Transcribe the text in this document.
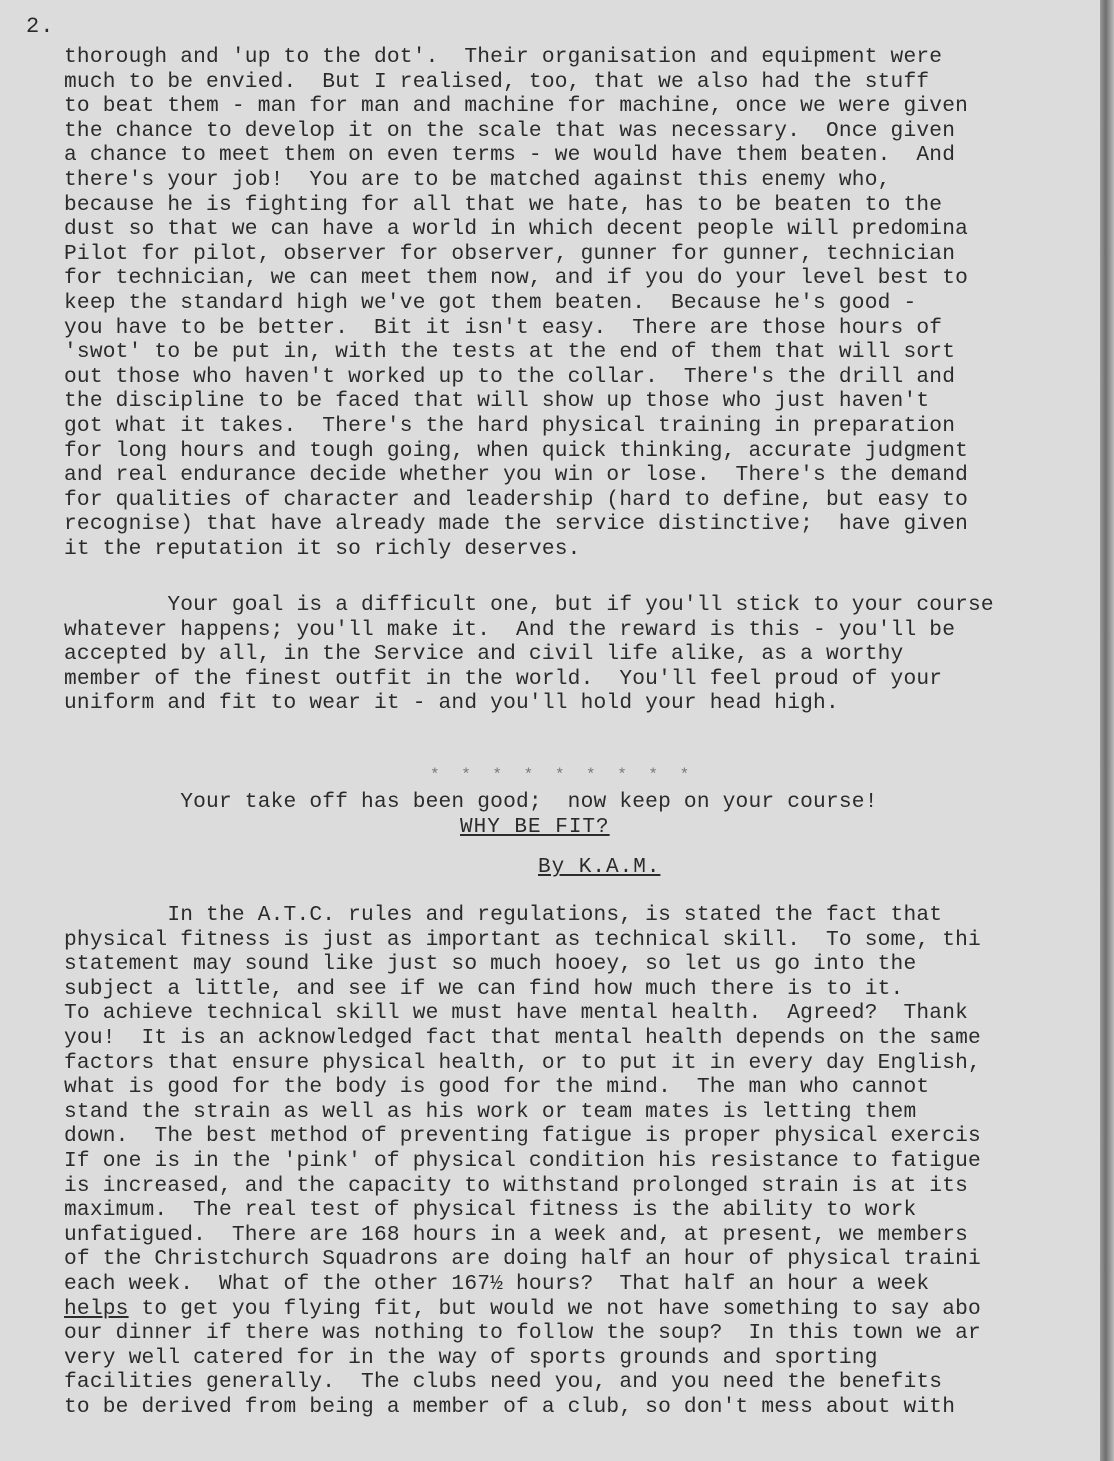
2.
thorough and 'up to the dot'.  Their organisation and equipment were
much to be envied.  But I realised, too, that we also had the stuff
to beat them - man for man and machine for machine, once we were given
the chance to develop it on the scale that was necessary.  Once given
a chance to meet them on even terms - we would have them beaten.  And
there's your job!  You are to be matched against this enemy who,
because he is fighting for all that we hate, has to be beaten to the
dust so that we can have a world in which decent people will predomina
Pilot for pilot, observer for observer, gunner for gunner, technician
for technician, we can meet them now, and if you do your level best to
keep the standard high we've got them beaten.  Because he's good -
you have to be better.  Bit it isn't easy.  There are those hours of
'swot' to be put in, with the tests at the end of them that will sort
out those who haven't worked up to the collar.  There's the drill and
the discipline to be faced that will show up those who just haven't
got what it takes.  There's the hard physical training in preparation
for long hours and tough going, when quick thinking, accurate judgment
and real endurance decide whether you win or lose.  There's the demand
for qualities of character and leadership (hard to define, but easy to
recognise) that have already made the service distinctive;  have given
it the reputation it so richly deserves.
Your goal is a difficult one, but if you'll stick to your course
whatever happens; you'll make it.  And the reward is this - you'll be
accepted by all, in the Service and civil life alike, as a worthy
member of the finest outfit in the world.  You'll feel proud of your
uniform and fit to wear it - and you'll hold your head high.

Your take off has been good;  now keep on your course!

* * * * * * * * *
WHY BE FIT?
By K.A.M.
In the A.T.C. rules and regulations, is stated the fact that
physical fitness is just as important as technical skill.  To some, thi
statement may sound like just so much hooey, so let us go into the
subject a little, and see if we can find how much there is to it.
To achieve technical skill we must have mental health.  Agreed?  Thank
you!  It is an acknowledged fact that mental health depends on the same
factors that ensure physical health, or to put it in every day English,
what is good for the body is good for the mind.  The man who cannot
stand the strain as well as his work or team mates is letting them
down.  The best method of preventing fatigue is proper physical exercis
If one is in the 'pink' of physical condition his resistance to fatigue
is increased, and the capacity to withstand prolonged strain is at its
maximum.  The real test of physical fitness is the ability to work
unfatigued.  There are 168 hours in a week and, at present, we members
of the Christchurch Squadrons are doing half an hour of physical traini
each week.  What of the other 167½ hours?  That half an hour a week
helps to get you flying fit, but would we not have something to say abo
our dinner if there was nothing to follow the soup?  In this town we ar
very well catered for in the way of sports grounds and sporting
facilities generally.  The clubs need you, and you need the benefits
to be derived from being a member of a club, so don't mess about with
